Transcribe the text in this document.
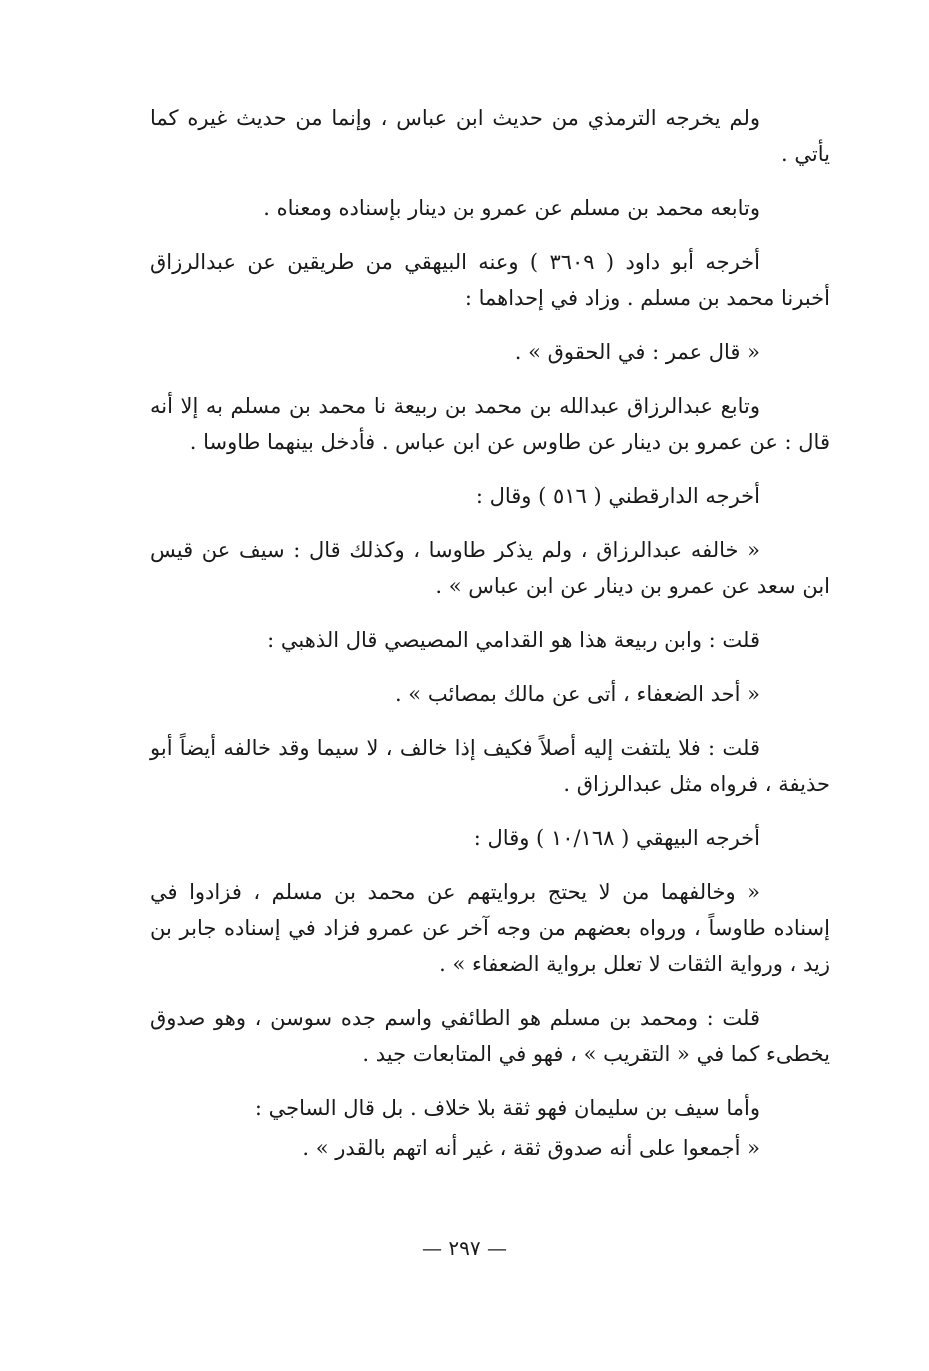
ولم يخرجه الترمذي من حديث ابن عباس ، وإنما من حديث غيره كما يأتي .

وتابعه محمد بن مسلم عن عمرو بن دينار بإسناده ومعناه .

أخرجه أبو داود ( ٣٦٠٩ ) وعنه البيهقي من طريقين عن عبدالرزاق أخبرنا محمد بن مسلم . وزاد في إحداهما :

« قال عمر : في الحقوق » .

وتابع عبدالرزاق عبدالله بن محمد بن ربيعة نا محمد بن مسلم به إلا أنه قال : عن عمرو بن دينار عن طاوس عن ابن عباس . فأدخل بينهما طاوسا .

أخرجه الدارقطني ( ٥١٦ ) وقال :

« خالفه عبدالرزاق ، ولم يذكر طاوسا ، وكذلك قال : سيف عن قيس ابن سعد عن عمرو بن دينار عن ابن عباس » .

قلت : وابن ربيعة هذا هو القدامي المصيصي قال الذهبي :

« أحد الضعفاء ، أتى عن مالك بمصائب » .

قلت : فلا يلتفت إليه أصلاً فكيف إذا خالف ، لا سيما وقد خالفه أيضاً أبو حذيفة ، فرواه مثل عبدالرزاق .

أخرجه البيهقي ( ١٠/١٦٨ ) وقال :

« وخالفهما من لا يحتج بروايتهم عن محمد بن مسلم ، فزادوا في إسناده طاوساً ، ورواه بعضهم من وجه آخر عن عمرو فزاد في إسناده جابر بن زيد ، ورواية الثقات لا تعلل برواية الضعفاء » .

قلت : ومحمد بن مسلم هو الطائفي واسم جده سوسن ، وهو صدوق يخطىء كما في « التقريب » ، فهو في المتابعات جيد .

وأما سيف بن سليمان فهو ثقة بلا خلاف . بل قال الساجي :

« أجمعوا على أنه صدوق ثقة ، غير أنه اتهم بالقدر » .

— ٢٩٧ —
